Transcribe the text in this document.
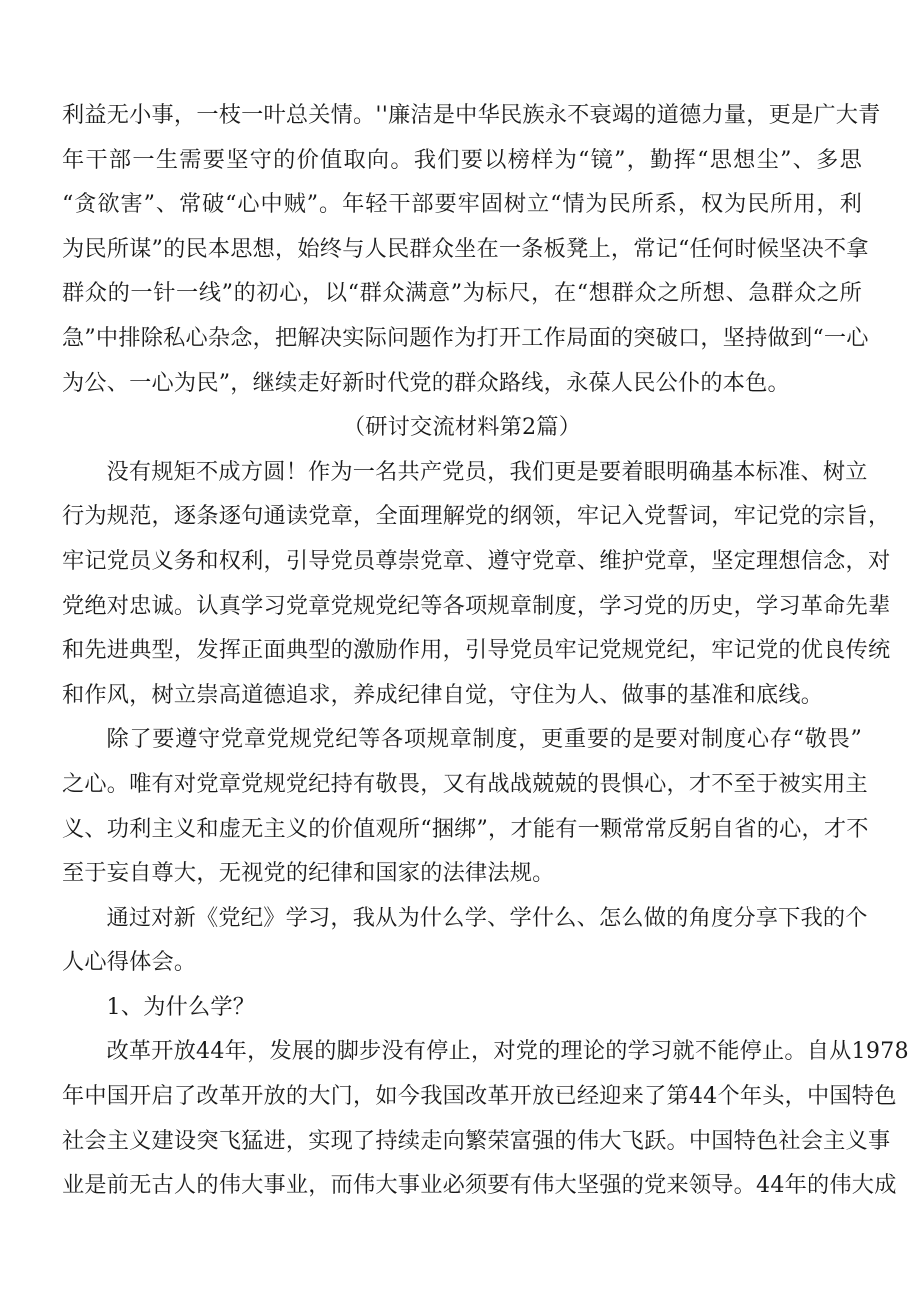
利益无小事，一枝一叶总关情。''廉洁是中华民族永不衰竭的道德力量，更是广大青
年干部一生需要坚守的价值取向。我们要以榜样为“镜”，勤挥“思想尘”、多思
“贪欲害”、常破“心中贼”。年轻干部要牢固树立“情为民所系，权为民所用，利
为民所谋”的民本思想，始终与人民群众坐在一条板凳上，常记“任何时候坚决不拿
群众的一针一线”的初心，以“群众满意”为标尺，在“想群众之所想、急群众之所
急”中排除私心杂念，把解决实际问题作为打开工作局面的突破口，坚持做到“一心
为公、一心为民”，继续走好新时代党的群众路线，永葆人民公仆的本色。

（研讨交流材料第2篇）

没有规矩不成方圆！作为一名共产党员，我们更是要着眼明确基本标准、树立
行为规范，逐条逐句通读党章，全面理解党的纲领，牢记入党誓词，牢记党的宗旨，
牢记党员义务和权利，引导党员尊崇党章、遵守党章、维护党章，坚定理想信念，对
党绝对忠诚。认真学习党章党规党纪等各项规章制度，学习党的历史，学习革命先辈
和先进典型，发挥正面典型的激励作用，引导党员牢记党规党纪，牢记党的优良传统
和作风，树立崇高道德追求，养成纪律自觉，守住为人、做事的基准和底线。

除了要遵守党章党规党纪等各项规章制度，更重要的是要对制度心存“敬畏”
之心。唯有对党章党规党纪持有敬畏，又有战战兢兢的畏惧心，才不至于被实用主
义、功利主义和虚无主义的价值观所“捆绑”，才能有一颗常常反躬自省的心，才不
至于妄自尊大，无视党的纪律和国家的法律法规。

通过对新《党纪》学习，我从为什么学、学什么、怎么做的角度分享下我的个
人心得体会。

1、为什么学？

改革开放44年，发展的脚步没有停止，对党的理论的学习就不能停止。自从1978
年中国开启了改革开放的大门，如今我国改革开放已经迎来了第44个年头，中国特色
社会主义建设突飞猛进，实现了持续走向繁荣富强的伟大飞跃。中国特色社会主义事
业是前无古人的伟大事业，而伟大事业必须要有伟大坚强的党来领导。44年的伟大成
